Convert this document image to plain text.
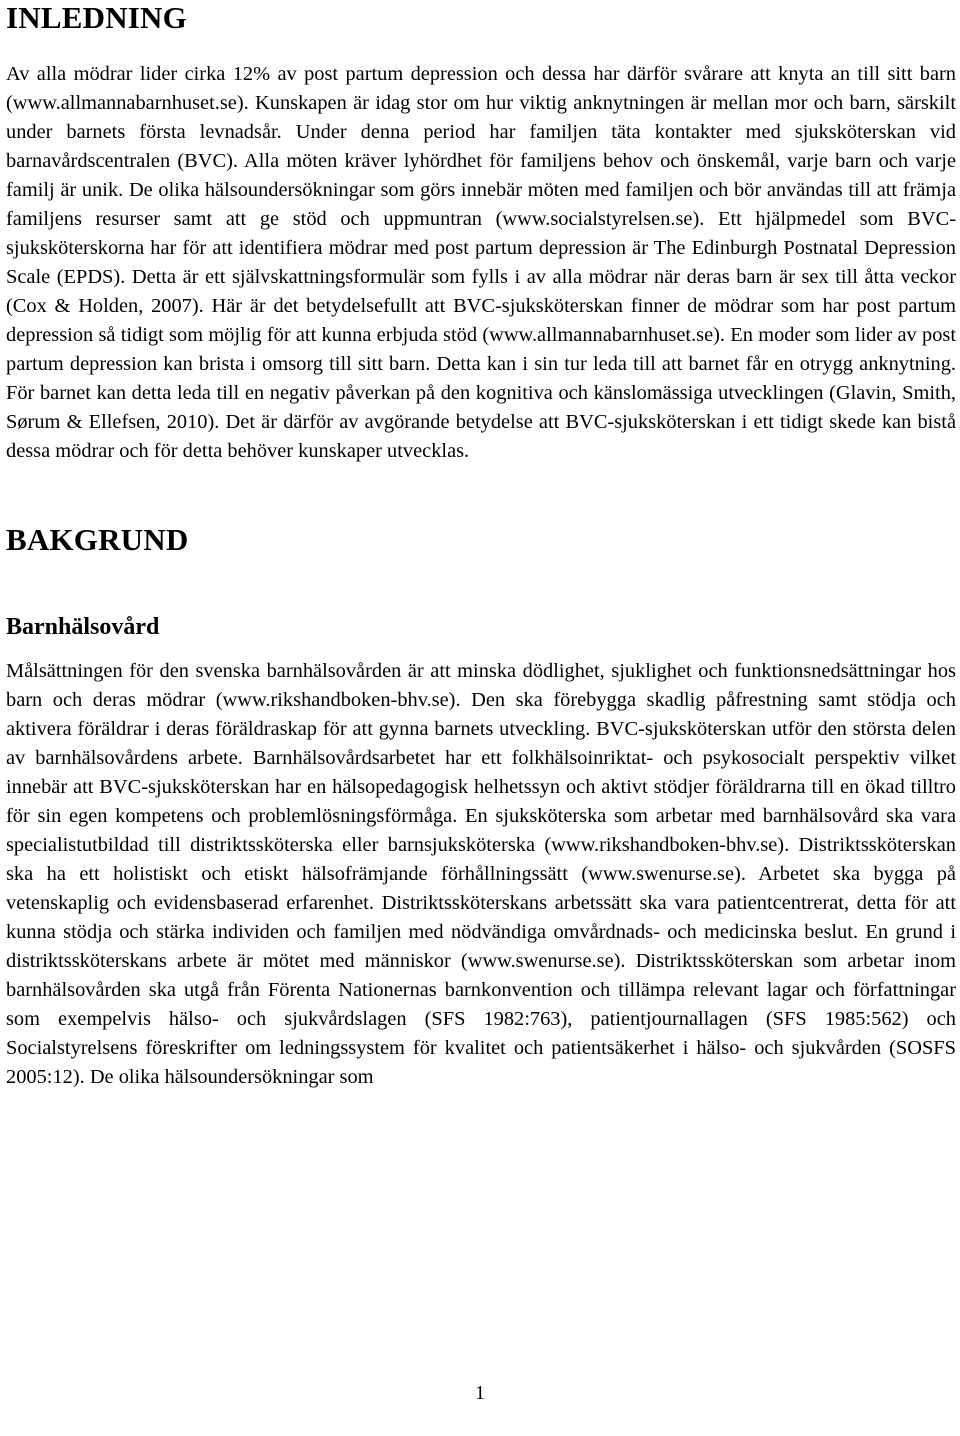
INLEDNING

Av alla mödrar lider cirka 12% av post partum depression och dessa har därför svårare att knyta an till sitt barn (www.allmannabarnhuset.se). Kunskapen är idag stor om hur viktig anknytningen är mellan mor och barn, särskilt under barnets första levnadsår. Under denna period har familjen täta kontakter med sjuksköterskan vid barnavårdscentralen (BVC). Alla möten kräver lyhördhet för familjens behov och önskemål, varje barn och varje familj är unik. De olika hälsoundersökningar som görs innebär möten med familjen och bör användas till att främja familjens resurser samt att ge stöd och uppmuntran (www.socialstyrelsen.se). Ett hjälpmedel som BVC-sjuksköterskorna har för att identifiera mödrar med post partum depression är The Edinburgh Postnatal Depression Scale (EPDS). Detta är ett självskattningsformulär som fylls i av alla mödrar när deras barn är sex till åtta veckor (Cox & Holden, 2007). Här är det betydelsefullt att BVC-sjuksköterskan finner de mödrar som har post partum depression så tidigt som möjlig för att kunna erbjuda stöd (www.allmannabarnhuset.se). En moder som lider av post partum depression kan brista i omsorg till sitt barn. Detta kan i sin tur leda till att barnet får en otrygg anknytning. För barnet kan detta leda till en negativ påverkan på den kognitiva och känslomässiga utvecklingen (Glavin, Smith, Sørum & Ellefsen, 2010). Det är därför av avgörande betydelse att BVC-sjuksköterskan i ett tidigt skede kan bistå dessa mödrar och för detta behöver kunskaper utvecklas.

BAKGRUND
Barnhälsovård

Målsättningen för den svenska barnhälsovården är att minska dödlighet, sjuklighet och funktionsnedsättningar hos barn och deras mödrar (www.rikshandboken-bhv.se). Den ska förebygga skadlig påfrestning samt stödja och aktivera föräldrar i deras föräldraskap för att gynna barnets utveckling. BVC-sjuksköterskan utför den största delen av barnhälsovårdens arbete. Barnhälsovårdsarbetet har ett folkhälsoinriktat- och psykosocialt perspektiv vilket innebär att BVC-sjuksköterskan har en hälsopedagogisk helhetssyn och aktivt stödjer föräldrarna till en ökad tilltro för sin egen kompetens och problemlösningsförmåga. En sjuksköterska som arbetar med barnhälsovård ska vara specialistutbildad till distriktssköterska eller barnsjuksköterska (www.rikshandboken-bhv.se). Distriktssköterskan ska ha ett holistiskt och etiskt hälsofrämjande förhållningssätt (www.swenurse.se). Arbetet ska bygga på vetenskaplig och evidensbaserad erfarenhet. Distriktssköterskans arbetssätt ska vara patientcentrerat, detta för att kunna stödja och stärka individen och familjen med nödvändiga omvårdnads- och medicinska beslut. En grund i distriktssköterskans arbete är mötet med människor (www.swenurse.se). Distriktssköterskan som arbetar inom barnhälsovården ska utgå från Förenta Nationernas barnkonvention och tillämpa relevant lagar och författningar som exempelvis hälso- och sjukvårdslagen (SFS 1982:763), patientjournallagen (SFS 1985:562) och Socialstyrelsens föreskrifter om ledningssystem för kvalitet och patientsäkerhet i hälso- och sjukvården (SOSFS 2005:12). De olika hälsoundersökningar som

1
